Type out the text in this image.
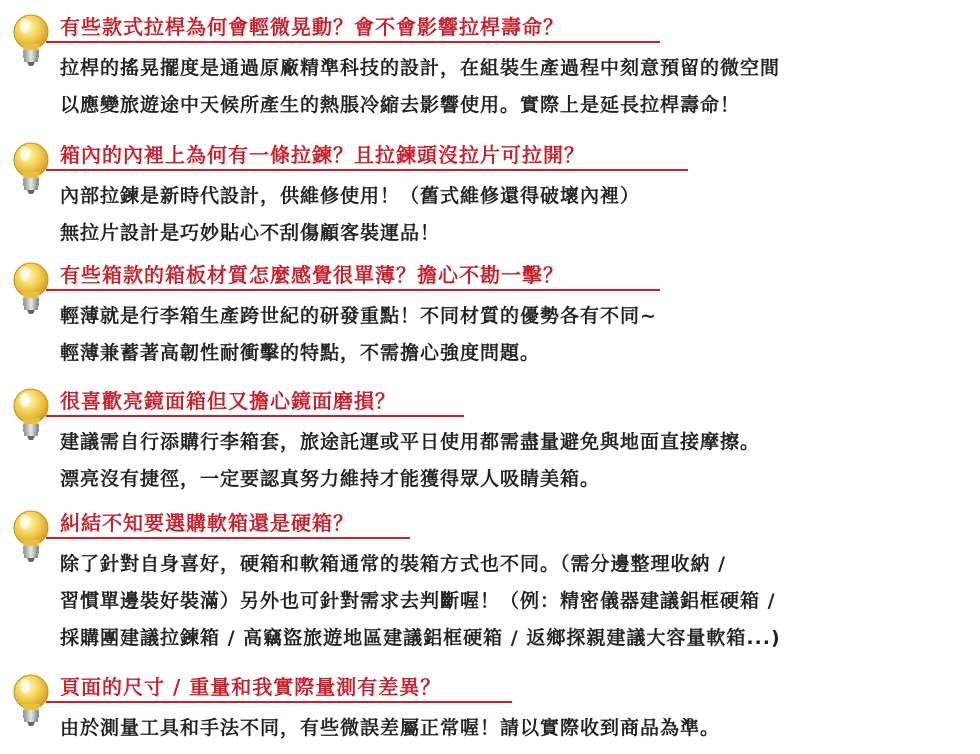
有些款式拉桿為何會輕微晃動？會不會影響拉桿壽命？
拉桿的搖晃擺度是通過原廠精準科技的設計，在組裝生產過程中刻意預留的微空間
以應變旅遊途中天候所產生的熱脹冷縮去影響使用。實際上是延長拉桿壽命！
箱內的內裡上為何有一條拉鍊？且拉鍊頭沒拉片可拉開？
內部拉鍊是新時代設計，供維修使用！（舊式維修還得破壞內裡）
無拉片設計是巧妙貼心不刮傷顧客裝運品！
有些箱款的箱板材質怎麼感覺很單薄？擔心不勘一擊？
輕薄就是行李箱生產跨世紀的研發重點！不同材質的優勢各有不同~
輕薄兼蓄著高韌性耐衝擊的特點，不需擔心強度問題。
很喜歡亮鏡面箱但又擔心鏡面磨損？
建議需自行添購行李箱套，旅途託運或平日使用都需盡量避免與地面直接摩擦。
漂亮沒有捷徑，一定要認真努力維持才能獲得眾人吸睛美箱。
糾結不知要選購軟箱還是硬箱？
除了針對自身喜好，硬箱和軟箱通常的裝箱方式也不同。（需分邊整理收納 /
習慣單邊裝好裝滿）另外也可針對需求去判斷喔！（例：精密儀器建議鋁框硬箱 /
採購團建議拉鍊箱 / 高竊盜旅遊地區建議鋁框硬箱 / 返鄉探親建議大容量軟箱...)
頁面的尺寸 / 重量和我實際量測有差異？
由於測量工具和手法不同，有些微誤差屬正常喔！請以實際收到商品為準。
